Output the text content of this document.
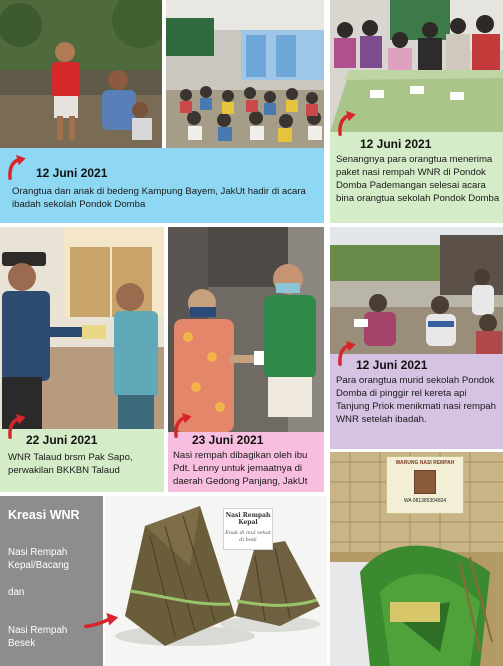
12 Juni 2021
Orangtua dan anak di bedeng Kampung Bayem, JakUt hadir di acara ibadah sekolah Pondok Domba
12 Juni 2021
Senangnya para orangtua menerima paket nasi rempah WNR di Pondok Domba Pademangan selesai acara bina orangtua sekolah Pondok Domba
22 Juni 2021
WNR Talaud brsm Pak Sapo, perwakilan BKKBN Talaud
23 Juni 2021
Nasi rempah dibagikan oleh ibu Pdt. Lenny untuk jemaatnya di daerah Gedong Panjang, JakUt
12 Juni 2021
Para orangtua murid sekolah Pondok Domba di pinggir rel kereta api Tanjung Priok menikmati nasi rempah WNR setelah ibadah.
Kreasi WNR
Nasi Rempah Kepal/Bacang
dan
Nasi Rempah Besek
Nasi Rempah Kepal
Enak di mul sehat di bodi
WARUNG NASI REMPAH
WA 081385304824
